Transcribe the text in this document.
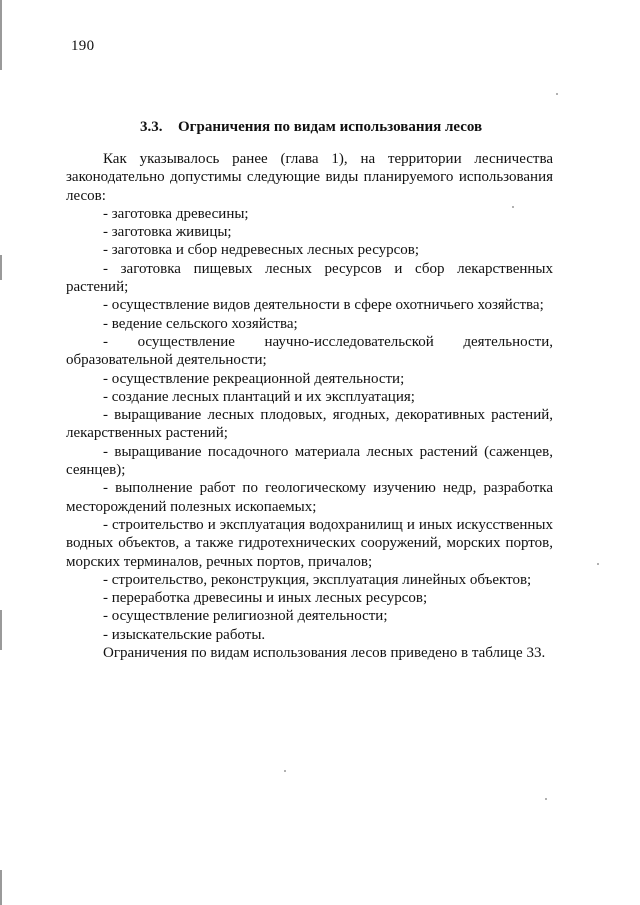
190
3.3. Ограничения по видам использования лесов

Как указывалось ранее (глава 1), на территории лесничества законодательно допустимы следующие виды планируемого использования лесов:

- заготовка древесины;

- заготовка живицы;

- заготовка и сбор недревесных лесных ресурсов;

- заготовка пищевых лесных ресурсов и сбор лекарственных растений;

- осуществление видов деятельности в сфере охотничьего хозяйства;

- ведение сельского хозяйства;

- осуществление научно-исследовательской деятельности, образовательной деятельности;

- осуществление рекреационной деятельности;

- создание лесных плантаций и их эксплуатация;

- выращивание лесных плодовых, ягодных, декоративных растений, лекарственных растений;

- выращивание посадочного материала лесных растений (саженцев, сеянцев);

- выполнение работ по геологическому изучению недр, разработка месторождений полезных ископаемых;

- строительство и эксплуатация водохранилищ и иных искусственных водных объектов, а также гидротехнических сооружений, морских портов, морских терминалов, речных портов, причалов;

- строительство, реконструкция, эксплуатация линейных объектов;

- переработка древесины и иных лесных ресурсов;

- осуществление религиозной деятельности;

- изыскательские работы.

Ограничения по видам использования лесов приведено в таблице 33.
